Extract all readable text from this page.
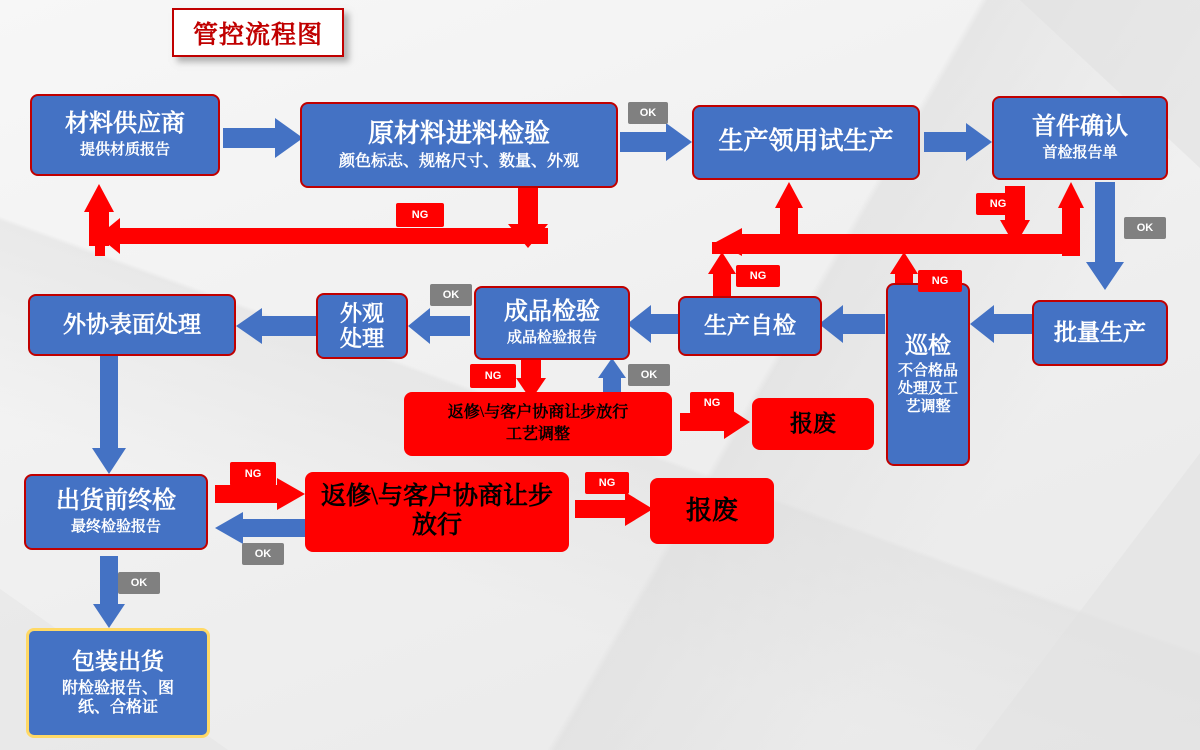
管控流程图
材料供应商
提供材质报告
原材料进料检验
颜色标志、规格尺寸、数量、外观
生产领用试生产
首件确认
首检报告单
批量生产
巡检
不合格品处理及工艺调整
生产自检
成品检验
成品检验报告
外观处理
外协表面处理
返修\与客户协商让步放行
工艺调整	报废
出货前终检
最终检验报告
返修\与客户协商让步放行
报废
包装出货
附检验报告、图纸、合格证
OK
NG
NG
OK
NG
NG
OK
NG	OK
NG
NG
NG
OK
OK
